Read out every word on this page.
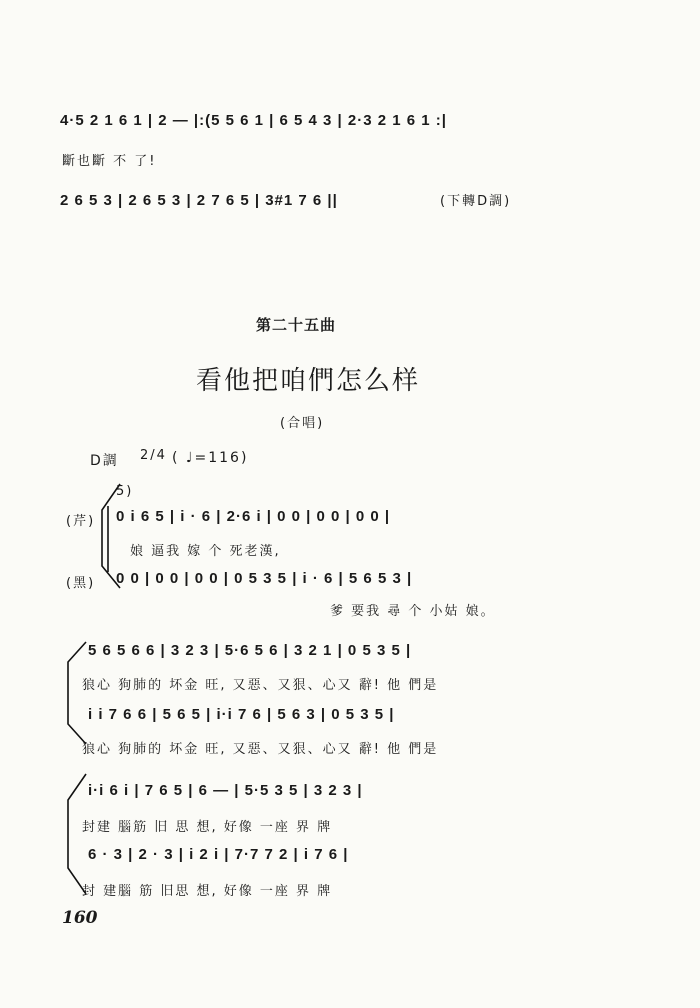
4·5 2 1 6 1 | 2 — |:(5 5 6 1 | 6 5 4 3 | 2·3 2 1 6 1 :|
斷也斷 不 了!
2 6 5 3 | 2 6 5 3 | 2 7 6 5 | 3#1 7 6 ||	(下轉D調)
第二十五曲
看他把咱們怎么样
(合唱)
D調 2/4 ( ♩=116)
5)
(芹) 0 i 6 5 | i · 6 | 2·6 i | 0 0 | 0 0 | 0 0 |
娘 逼我 嫁 个 死老漢,
(黑) 0 0 | 0 0 | 0 0 | 0 5 3 5 | i · 6 | 5 6 5 3 |
爹 要我 尋 个 小姑 娘。
5 6 5 6 6 | 3 2 3 | 5·6 5 6 | 3 2 1 | 0 5 3 5 |
狼心 狗肺的 坏金 旺, 又惡、又狠、心又 辭! 他 們是
i i 7 6 6 | 5 6 5 | i·i 7 6 | 5 6 3 | 0 5 3 5 |
狼心 狗肺的 坏金 旺, 又惡、又狠、心又 辭! 他 們是
i·i 6 i | 7 6 5 | 6 — | 5·5 3 5 | 3 2 3 |
封建 腦筋 旧 思 想, 好像 一座 界 牌
6 · 3 | 2 · 3 | i 2 i | 7·7 7 2 | i 7 6 |
封 建腦 筋 旧思 想, 好像 一座 界 牌
160
